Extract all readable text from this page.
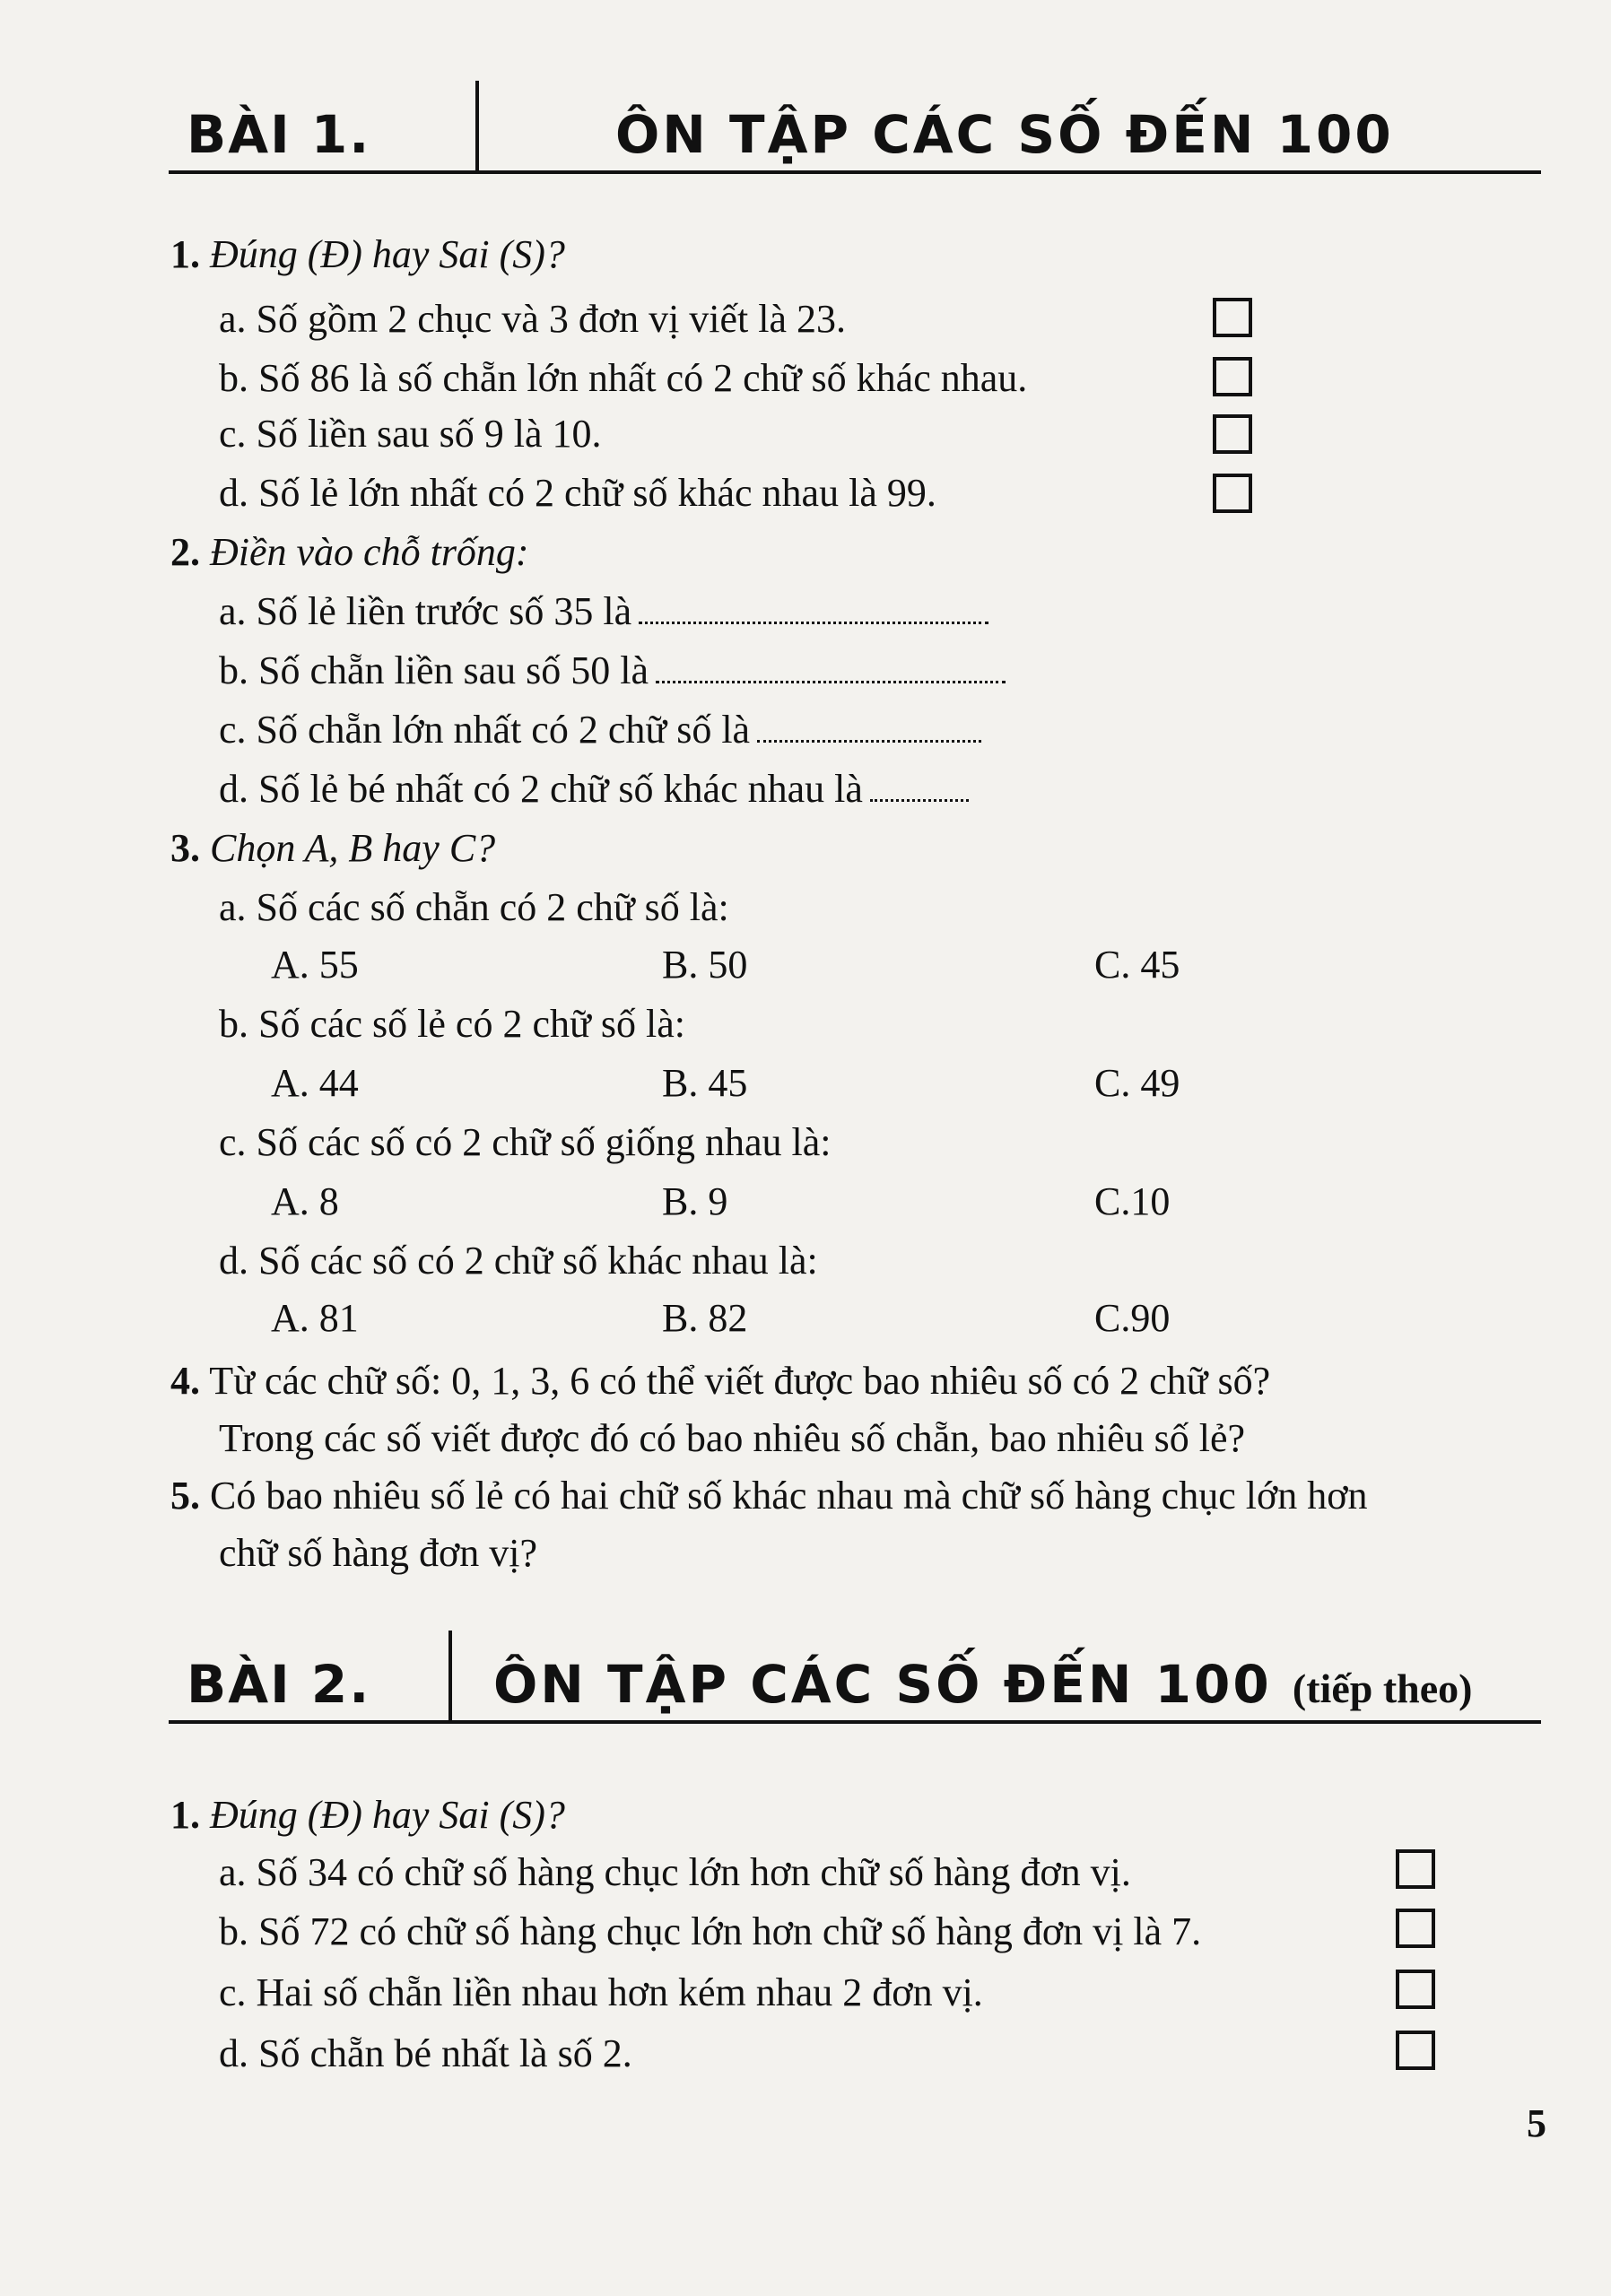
BÀI 1.	ÔN TẬP CÁC SỐ ĐẾN 100
1. Đúng (Đ) hay Sai (S)?
a. Số gồm 2 chục và 3 đơn vị viết là 23.
b. Số 86 là số chẵn lớn nhất có 2 chữ số khác nhau.
c. Số liền sau số 9 là 10.
d. Số lẻ lớn nhất có 2 chữ số khác nhau là 99.
2. Điền vào chỗ trống:
a. Số lẻ liền trước số 35 là
b. Số chẵn liền sau số 50 là
c. Số chẵn lớn nhất có 2 chữ số là
d. Số lẻ bé nhất có 2 chữ số khác nhau là
3. Chọn A, B hay C?
a. Số các số chẵn có 2 chữ số là:
A. 55	B. 50	C. 45
b. Số các số lẻ có 2 chữ số là:
A. 44	B. 45	C. 49
c. Số các số có 2 chữ số giống nhau là:
A. 8	B. 9	C.10
d. Số các số có 2 chữ số khác nhau là:
A. 81	B. 82	C.90
4. Từ các chữ số: 0, 1, 3, 6 có thể viết được bao nhiêu số có 2 chữ số?
Trong các số viết được đó có bao nhiêu số chẵn, bao nhiêu số lẻ?
5. Có bao nhiêu số lẻ có hai chữ số khác nhau mà chữ số hàng chục lớn hơn
chữ số hàng đơn vị?
BÀI 2. ÔN TẬP CÁC SỐ ĐẾN 100 (tiếp theo)
1. Đúng (Đ) hay Sai (S)?
a. Số 34 có chữ số hàng chục lớn hơn chữ số hàng đơn vị.
b. Số 72 có chữ số hàng chục lớn hơn chữ số hàng đơn vị là 7.
c. Hai số chẵn liền nhau hơn kém nhau 2 đơn vị.
d. Số chẵn bé nhất là số 2.
5
